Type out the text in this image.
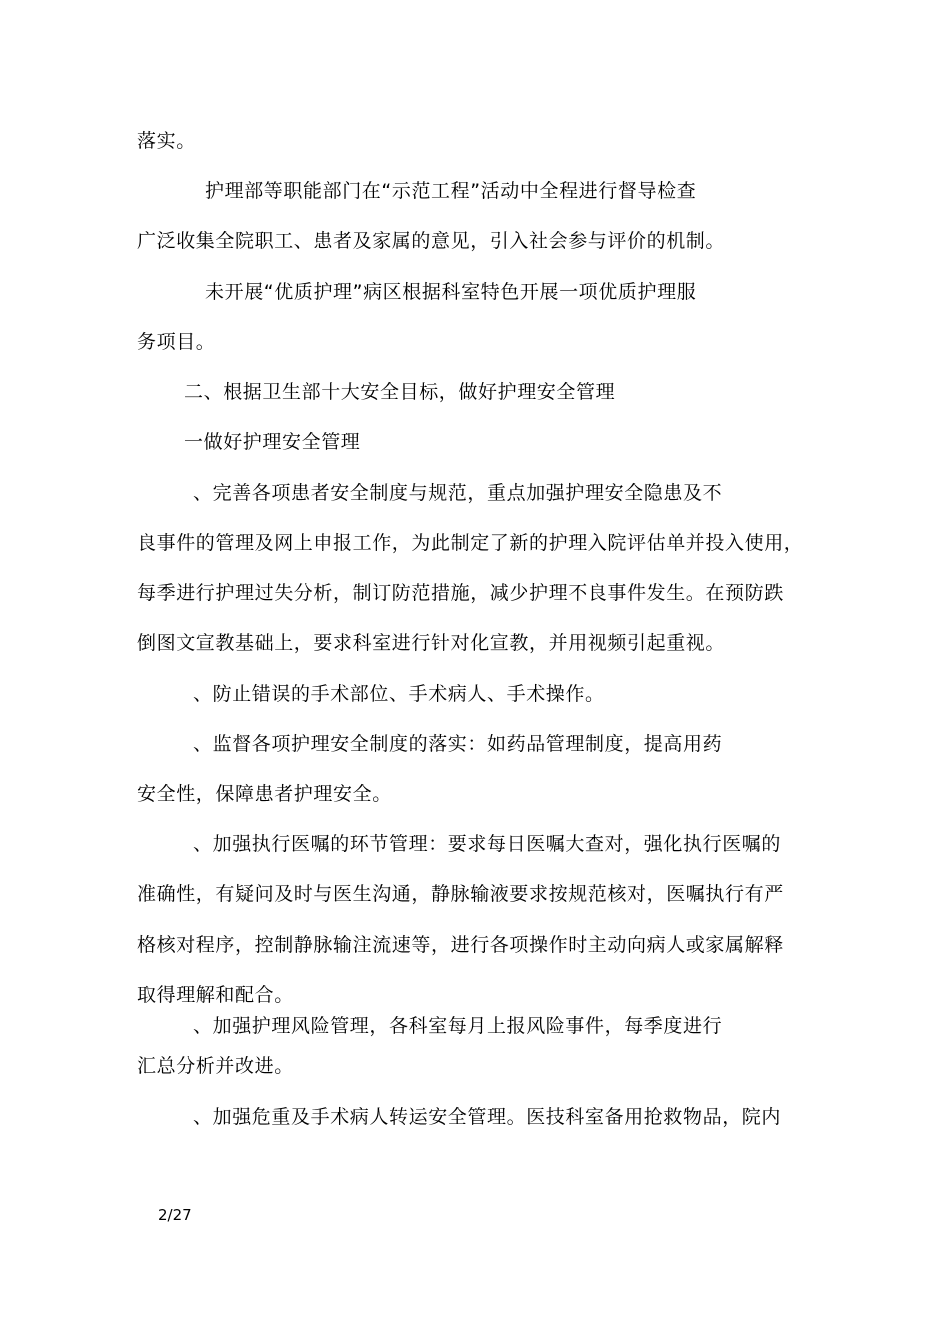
落实。
护理部等职能部门在“示范工程”活动中全程进行督导检查
广泛收集全院职工、患者及家属的意见，引入社会参与评价的机制。
未开展“优质护理”病区根据科室特色开展一项优质护理服
务项目。
二、根据卫生部十大安全目标，做好护理安全管理
一做好护理安全管理
、完善各项患者安全制度与规范，重点加强护理安全隐患及不
良事件的管理及网上申报工作，为此制定了新的护理入院评估单并投入使用，
每季进行护理过失分析，制订防范措施，减少护理不良事件发生。在预防跌
倒图文宣教基础上，要求科室进行针对化宣教，并用视频引起重视。
、防止错误的手术部位、手术病人、手术操作。
、监督各项护理安全制度的落实：如药品管理制度，提高用药
安全性，保障患者护理安全。
、加强执行医嘱的环节管理：要求每日医嘱大查对，强化执行医嘱的
准确性，有疑问及时与医生沟通，静脉输液要求按规范核对，医嘱执行有严
格核对程序，控制静脉输注流速等，进行各项操作时主动向病人或家属解释
取得理解和配合。
、加强护理风险管理，各科室每月上报风险事件，每季度进行
汇总分析并改进。
、加强危重及手术病人转运安全管理。医技科室备用抢救物品，院内
2/27
